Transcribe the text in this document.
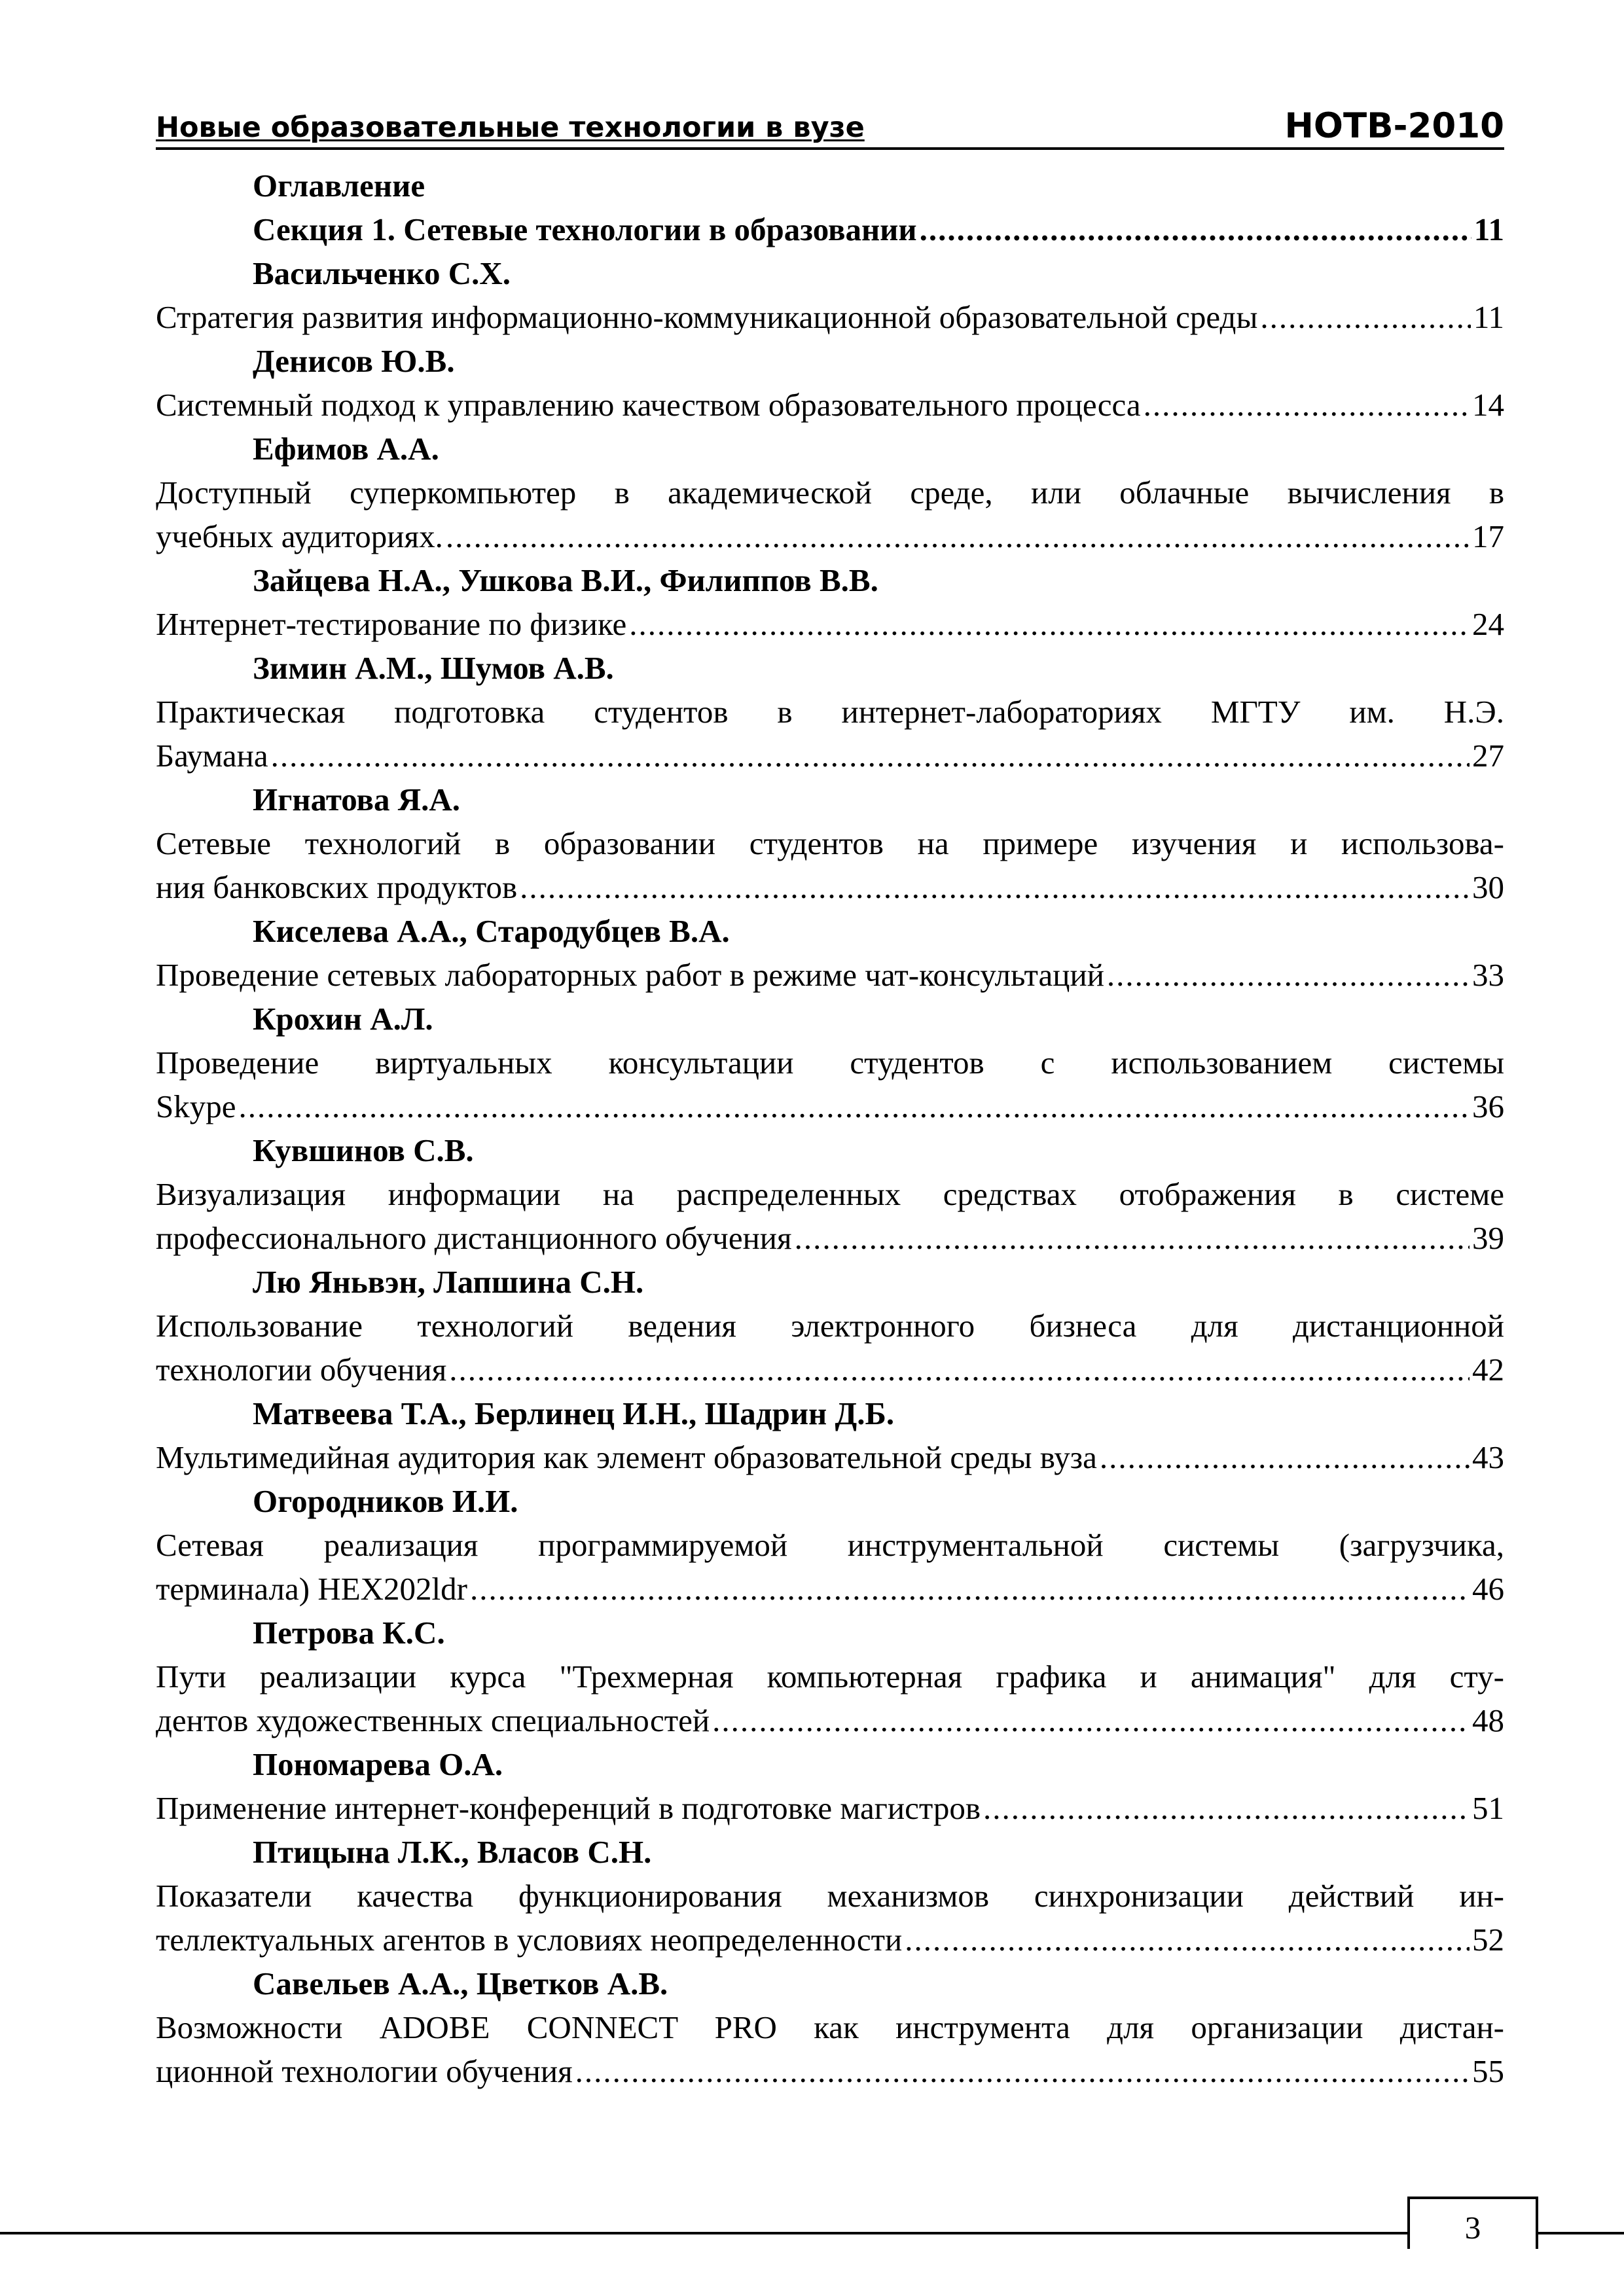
Новые образовательные технологии в вузе	НОТВ-2010
Оглавление
Секция 1. Сетевые технологии в образовании .....	11
Васильченко С.Х.
Стратегия развития информационно-коммуникационной образовательной среды .....	11
Денисов Ю.В.
Системный подход к управлению качеством образовательного процесса .....	14
Ефимов А.А.
Доступный суперкомпьютер в академической среде, или облачные вычисления в
учебных аудиториях. .....	17
Зайцева Н.А., Ушкова В.И., Филиппов В.В.
Интернет-тестирование по физике .....	24
Зимин А.М., Шумов А.В.
Практическая подготовка студентов в интернет-лабораториях МГТУ им. Н.Э.
Баумана .....	27
Игнатова Я.А.
Сетевые технологий в образовании студентов на примере изучения и использова-
ния банковских продуктов .....	30
Киселева А.А., Стародубцев В.А.
Проведение сетевых лабораторных работ в режиме чат-консультаций .....	33
Крохин А.Л.
Проведение виртуальных консультации студентов с использованием системы
Skype .....	36
Кувшинов С.В.
Визуализация информации на распределенных средствах отображения в системе
профессионального дистанционного обучения .....	39
Лю Яньвэн, Лапшина С.Н.
Использование технологий ведения электронного бизнеса для дистанционной
технологии обучения .....	42
Матвеева Т.А., Берлинец И.Н., Шадрин Д.Б.
Мультимедийная аудитория как элемент образовательной среды вуза .....	43
Огородников И.И.
Сетевая реализация программируемой инструментальной системы (загрузчика,
терминала) HEX202ldr .....	46
Петрова К.С.
Пути реализации курса "Трехмерная компьютерная графика и анимация" для сту-
дентов художественных специальностей .....	48
Пономарева О.А.
Применение интернет-конференций в подготовке магистров .....	51
Птицына Л.К., Власов С.Н.
Показатели качества функционирования механизмов синхронизации действий ин-
теллектуальных агентов в условиях неопределенности .....	52
Савельев А.А., Цветков А.В.
Возможности ADOBE CONNECT PRO как инструмента для организации дистан-
ционной технологии обучения .....	55
3
